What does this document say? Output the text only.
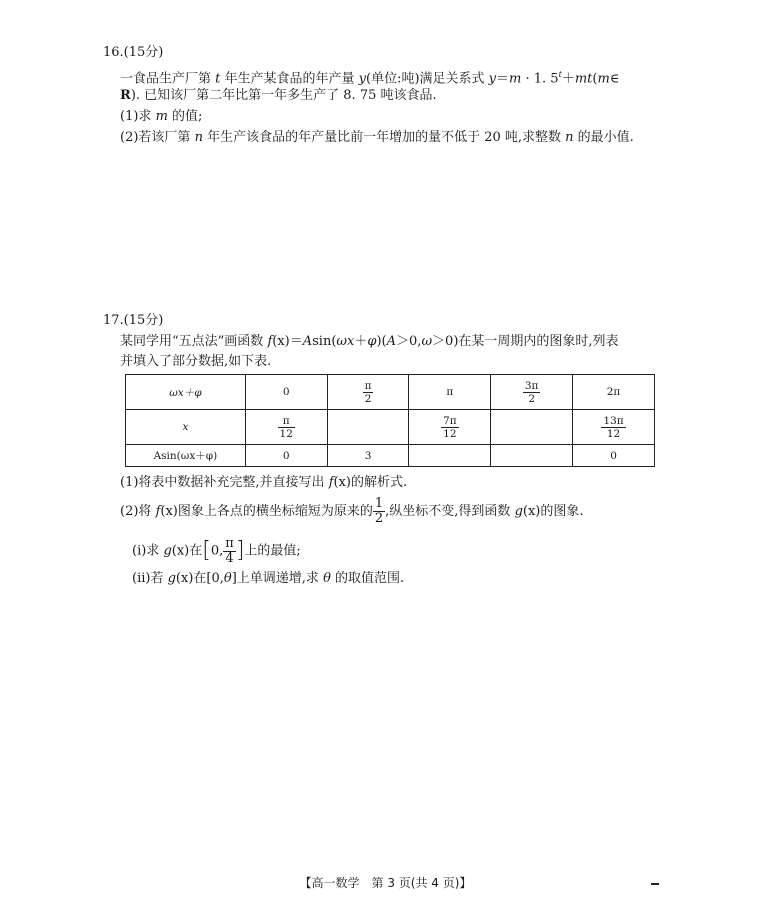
16.(15分)
一食品生产厂第 t 年生产某食品的年产量 y(单位:吨)满足关系式 y＝m · 1. $5^t+mt(m\in$
R). 已知该厂第二年比第一年多生产了 8. 75 吨该食品.
(1)求 m 的值;
(2)若该厂第 n 年生产该食品的年产量比前一年增加的量不低于 20 吨,求整数 n 的最小值.
17.(15分)
某同学用“五点法”画函数 f(x)＝Asin(ωx＋φ)(A＞0,ω＞0)在某一周期内的图象时,列表
并填入了部分数据,如下表.
ωx＋φ	0	$\frac{\pi}{2}$	π	$\frac{3\pi}{2}$	2π
x	$\frac{\pi}{12}$		$\frac{7\pi}{12}$		$\frac{13\pi}{12}$

Asin(ωx＋φ)	0	3			0
(1)将表中数据补充完整,并直接写出 f(x)的解析式.
(2)将 f(x)图象上各点的横坐标缩短为原来的 $\frac{1}{2}$ ,纵坐标不变,得到函数 g(x)的图象.
(ⅰ)求 g(x)在[0, $\frac{\pi}{4}$ ]上的最值;
(ⅱ)若 g(x)在[0,θ]上单调递增,求 θ 的取值范围.
【高一数学　第 3 页(共 4 页)】
